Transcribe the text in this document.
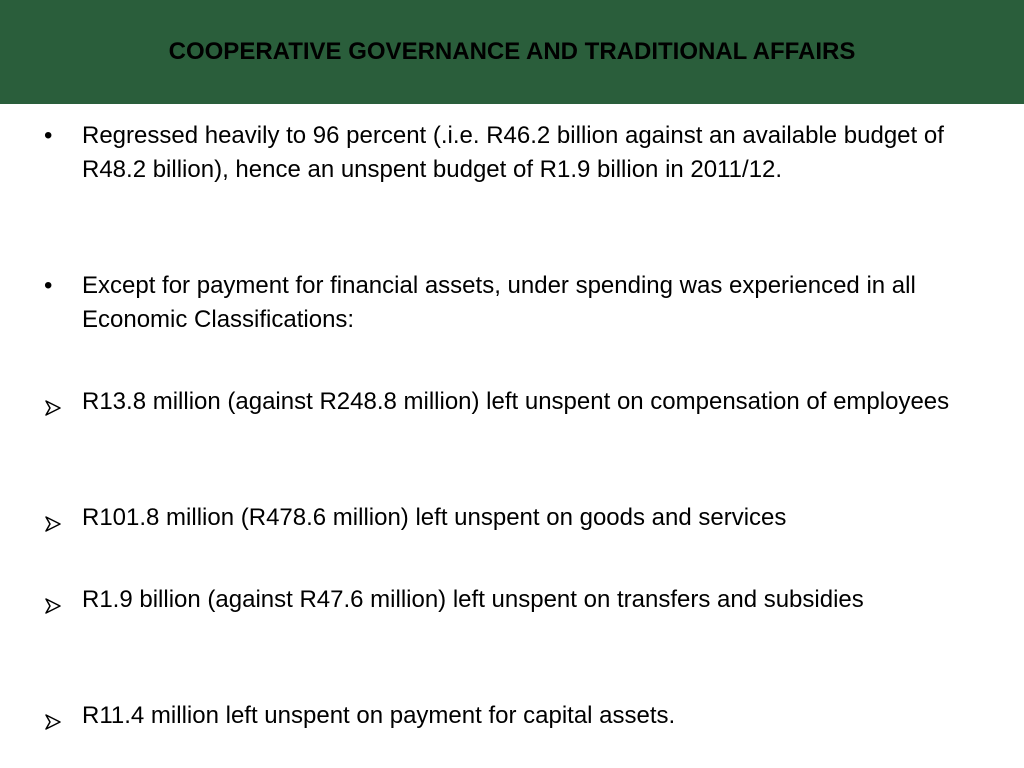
COOPERATIVE GOVERNANCE AND TRADITIONAL AFFAIRS
•	Regressed heavily to 96 percent (.i.e. R46.2 billion against an available budget of R48.2 billion), hence an unspent budget of R1.9 billion in 2011/12.
•	Except for payment for financial assets, under spending was experienced in all Economic Classifications:
R13.8 million (against R248.8 million) left unspent on compensation of employees
R101.8 million (R478.6 million) left unspent on goods and services
R1.9 billion (against R47.6 million) left unspent on transfers and subsidies
R11.4 million left unspent on payment for capital assets.
